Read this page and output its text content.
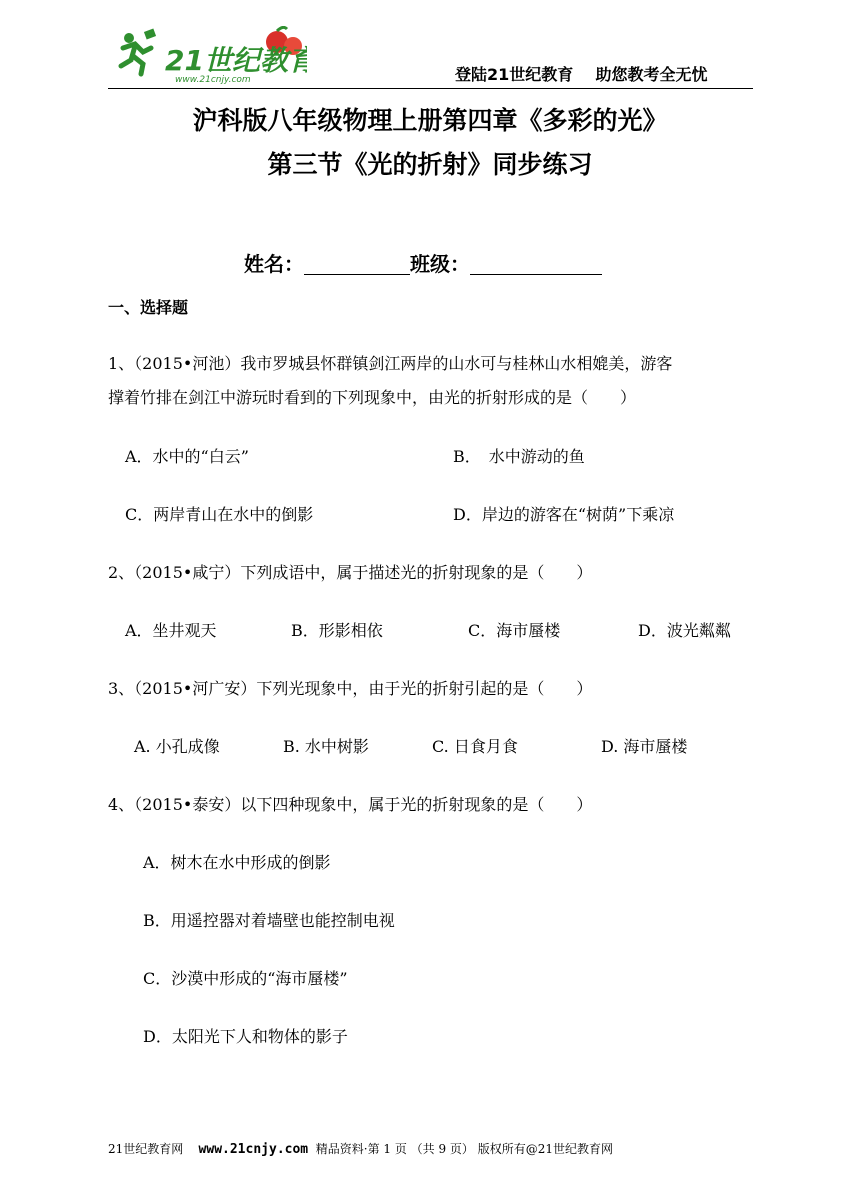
21世纪教育
www.21cnjy.com	登陆21世纪教育    助您教考全无忧
沪科版八年级物理上册第四章《多彩的光》
第三节《光的折射》同步练习
姓名：	班级：
一、选择题
1、（2015•河池）我市罗城县怀群镇剑江两岸的山水可与桂林山水相媲美，游客
撑着竹排在剑江中游玩时看到的下列现象中，由光的折射形成的是（　　）
A．水中的“白云”	B．　水中游动的鱼
C．两岸青山在水中的倒影	D．岸边的游客在“树荫”下乘凉
2、（2015•咸宁）下列成语中，属于描述光的折射现象的是（　　）
A．坐井观天	B．形影相依	C．海市蜃楼	D．波光粼粼
3、（2015•河广安）下列光现象中，由于光的折射引起的是（　　）
A. 小孔成像	B. 水中树影	C. 日食月食	D. 海市蜃楼
4、（2015•泰安）以下四种现象中，属于光的折射现象的是（　　）
A．树木在水中形成的倒影
B．用遥控器对着墙壁也能控制电视
C．沙漠中形成的“海市蜃楼”
D．太阳光下人和物体的影子
21世纪教育网 www.21cnjy.com 精品资料·第 1 页 （共 9 页） 版权所有@21世纪教育网
